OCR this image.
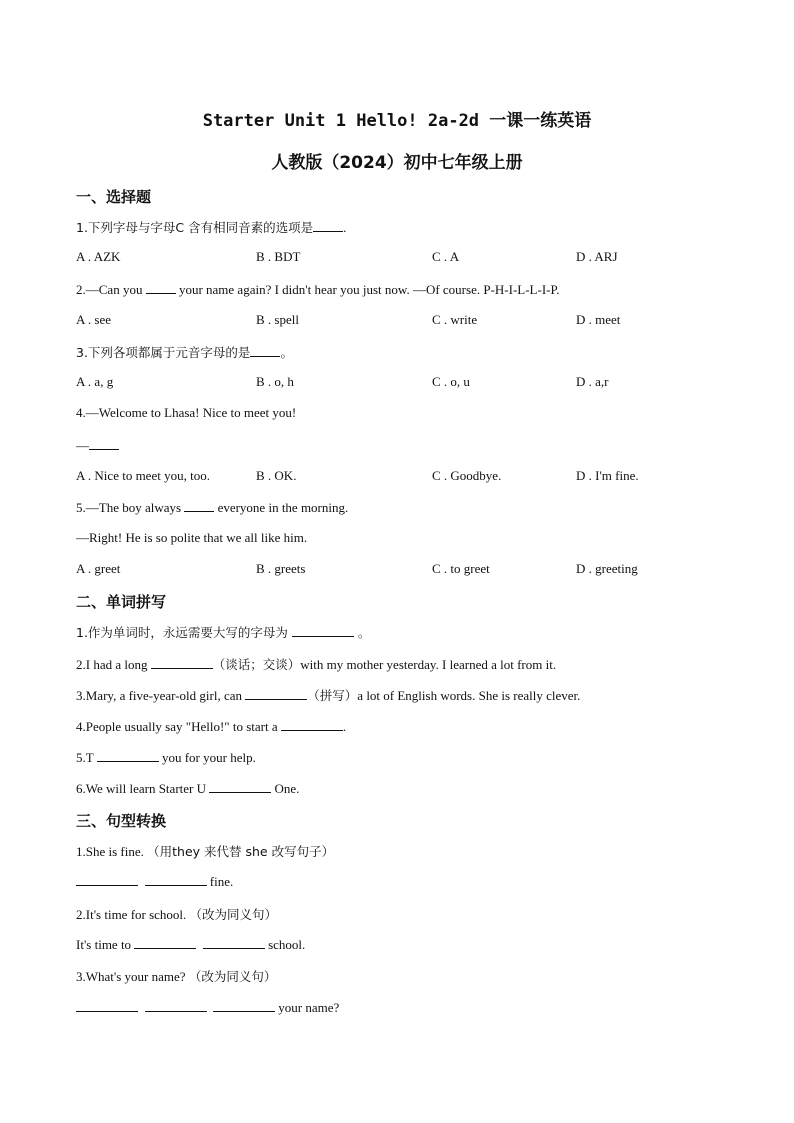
Starter Unit 1 Hello! 2a-2d 一课一练英语
人教版（2024）初中七年级上册
一、选择题
1.下列字母与字母C 含有相同音素的选项是 .
A . AZK	B . BDT	C . A	D . ARJ
2.—Can you  your name again? I didn't hear you just now. —Of course. P-H-I-L-L-I-P.
A . see	B . spell	C . write	D . meet
3.下列各项都属于元音字母的是 。
A . a, g	B . o, h	C . o, u	D . a,r
4.—Welcome to Lhasa! Nice to meet you!
—
A . Nice to meet you, too.	B . OK.	C . Goodbye.	D . I'm fine.
5.—The boy always  everyone in the morning.
—Right! He is so polite that we all like him.
A . greet	B . greets	C . to greet	D . greeting
二、单词拼写
1.作为单词时，永远需要大写的字母为	。
2.I had a long	（谈话；交谈）with my mother yesterday. I learned a lot from it.
3.Mary, a five-year-old girl, can	（拼写）a lot of English words. She is really clever.
4.People usually say "Hello!" to start a	.
5.T	you for your help.
6.We will learn Starter U	One.
三、句型转换
1.She is fine. （用they 来代替 she 改写句子）
fine.
2.It's time for school. （改为同义句）
It's time to	school.
3.What's your name? （改为同义句）
your name?
